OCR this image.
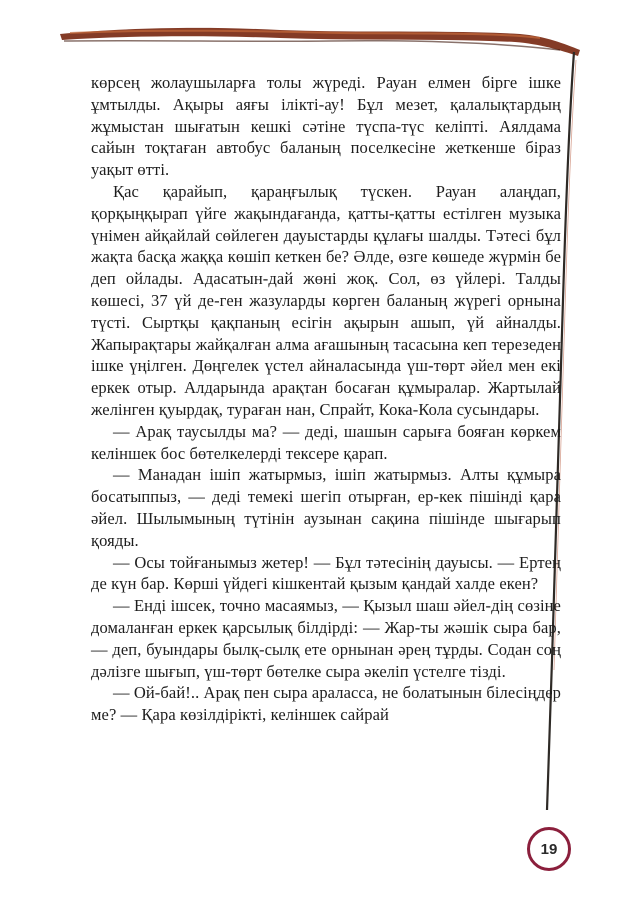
көрсең жолаушыларға толы жүреді. Рауан елмен бірге ішке ұмтылды. Ақыры аяғы ілікті-ау! Бұл мезет, қалалықтардың жұмыстан шығатын кешкі сәтіне түспа-түс келіпті. Аялдама сайын тоқтаған автобус баланың поселкесіне жеткенше біраз уақыт өтті.

Қас қарайып, қараңғылық түскен. Рауан алаңдап, қорқыңқырап үйге жақындағанда, қатты-қатты естілген музыка үнімен айқайлай сөйлеген дауыстарды құлағы шалды. Тәтесі бұл жақта басқа жаққа көшіп кеткен бе? Әлде, өзге көшеде жүрмін бе деп ойлады. Адасатын-дай жөні жоқ. Сол, өз үйлері. Талды көшесі, 37 үй де-ген жазуларды көрген баланың жүрегі орнына түсті. Сыртқы қақпаның есігін ақырын ашып, үй айналды. Жапырақтары жайқалған алма ағашының тасасына кеп терезеден ішке үңілген. Дөңгелек үстел айналасында үш-төрт әйел мен екі еркек отыр. Алдарында арақтан босаған құмыралар. Жартылай желінген қуырдақ, тураған нан, Спрайт, Кока-Кола сусындары.

— Арақ таусылды ма? — деді, шашын сарыға бояған көркем келіншек бос бөтелкелерді тексере қарап.

— Манадан ішіп жатырмыз, ішіп жатырмыз. Алты құмыра босатыппыз, — деді темекі шегіп отырған, ер-кек пішінді қара әйел. Шылымының түтінін аузынан сақина пішінде шығарып қояды.

— Осы тойғанымыз жетер! — Бұл тәтесінің дауысы. — Ертең де күн бар. Көрші үйдегі кішкентай қызым қандай халде екен?

— Енді ішсек, точно масаямыз, — Қызыл шаш әйел-дің сөзіне домаланған еркек қарсылық білдірді: — Жар-ты жәшік сыра бар, — деп, буындары былқ-сылқ ете орнынан әрең тұрды. Содан соң дәлізге шығып, үш-төрт бөтелке сыра әкеліп үстелге тізді.

— Ой-бай!.. Арақ пен сыра араласса, не болатынын білесіңдер ме? — Қара көзілдірікті, келіншек сайрай

19
